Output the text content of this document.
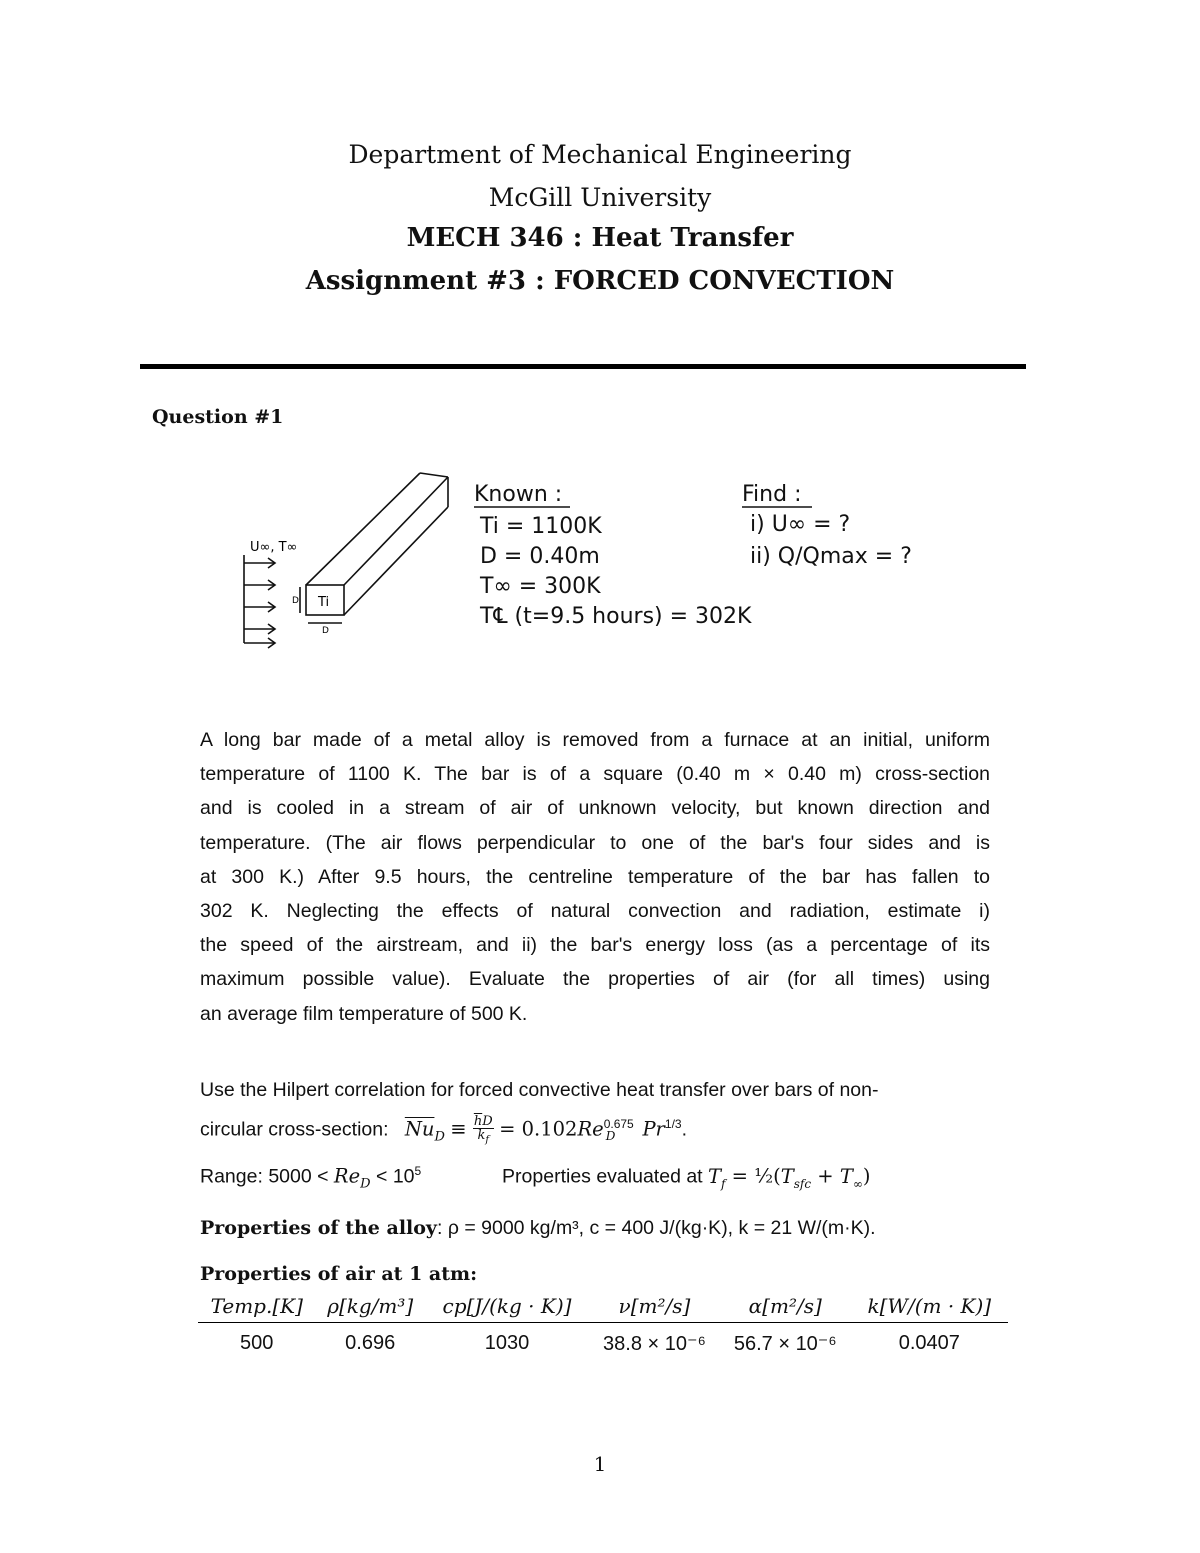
Department of Mechanical Engineering
McGill University
MECH 346 : Heat Transfer
Assignment #3 : FORCED CONVECTION
Question #1
U∞, T∞
Ti
D
D
Known :
Ti = 1100K
D = 0.40m
T∞ = 300K
T℄ (t=9.5 hours) = 302K
Find :
i) U∞ = ?
ii) Q/Qmax = ?
A long bar made of a metal alloy is removed from a furnace at an initial, uniform
temperature of 1100 K. The bar is of a square (0.40 m × 0.40 m) cross-section
and is cooled in a stream of air of unknown velocity, but known direction and
temperature. (The air flows perpendicular to one of the bar's four sides and is
at 300 K.) After 9.5 hours, the centreline temperature of the bar has fallen to
302 K. Neglecting the effects of natural convection and radiation, estimate i)
the speed of the airstream, and ii) the bar's energy loss (as a percentage of its
maximum possible value). Evaluate the properties of air (for all times) using
an average film temperature of 500 K.
Use the Hilpert correlation for forced convective heat transfer over bars of non-
circular cross-section: $\overline{Nu}_D \equiv \frac{\overline{h}D}{k_f} = 0.102Re^{0.675}_D$ $Pr^{1/3}$.
Range: $5000 < Re_D < 10^5$	Properties evaluated at $T_f$ = $\frac{1}{2}(T_{sfc} + T_\infty)$
Properties of the alloy: ρ = 9000 kg/m³, c = 400 J/(kg·K), k = 21 W/(m·K).
Properties of air at 1 atm:
Temp.[K]	ρ[kg/m³]	cp[J/(kg · K)]	ν[m²/s]	α[m²/s]	k[W/(m · K)]
500	0.696	1030	38.8 × 10⁻⁶	56.7 × 10⁻⁶	0.0407
1
